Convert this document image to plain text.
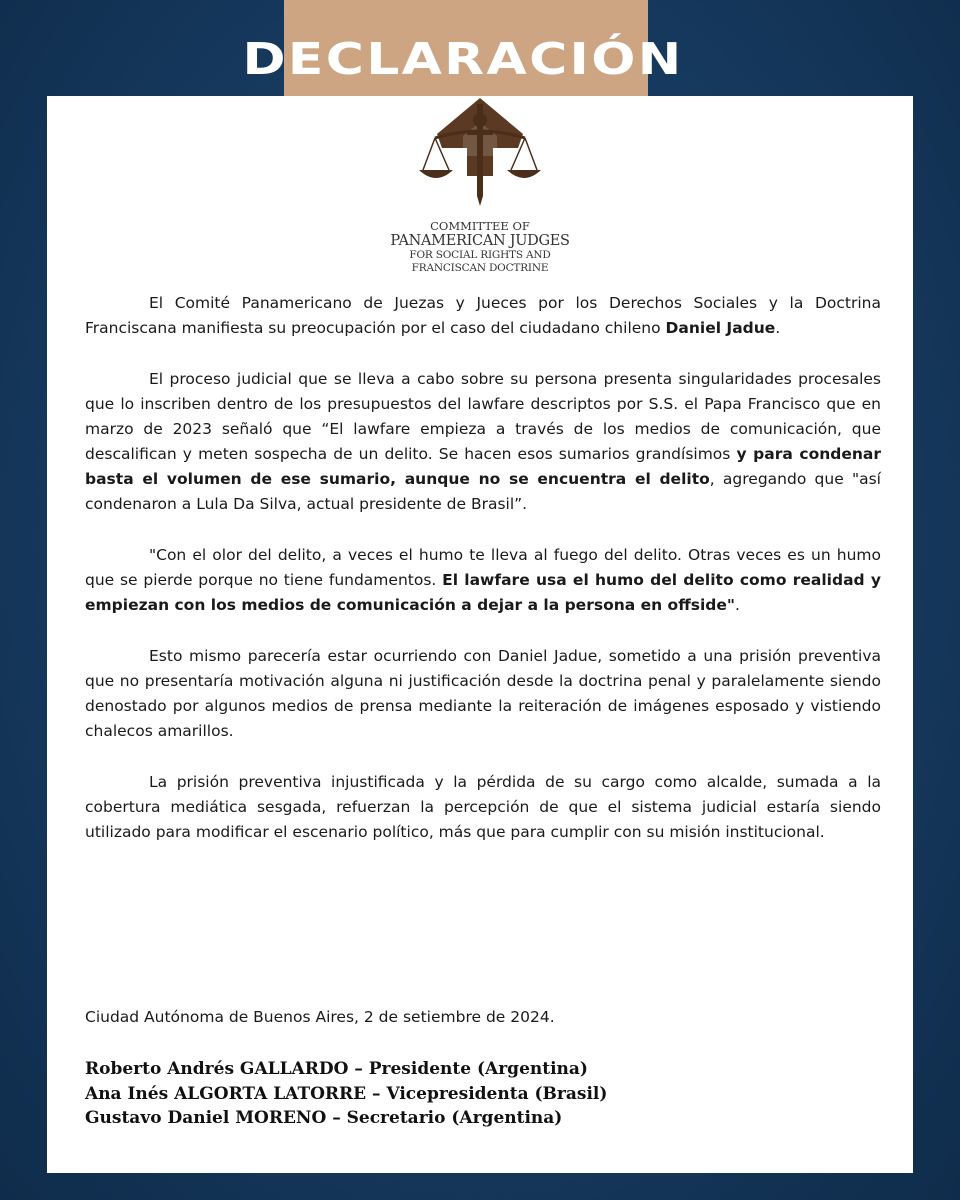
DECLARACIÓN
COMMITTEE OF
PANAMERICAN JUDGES
FOR SOCIAL RIGHTS AND
FRANCISCAN DOCTRINE

El Comité Panamericano de Juezas y Jueces por los Derechos Sociales y la Doctrina Franciscana manifiesta su preocupación por el caso del ciudadano chileno Daniel Jadue.

El proceso judicial que se lleva a cabo sobre su persona presenta singularidades procesales que lo inscriben dentro de los presupuestos del lawfare descriptos por S.S. el Papa Francisco que en marzo de 2023 señaló que “El lawfare empieza a través de los medios de comunicación, que descalifican y meten sospecha de un delito. Se hacen esos sumarios grandísimos y para condenar basta el volumen de ese sumario, aunque no se encuentra el delito, agregando que "así condenaron a Lula Da Silva, actual presidente de Brasil”.

"Con el olor del delito, a veces el humo te lleva al fuego del delito. Otras veces es un humo que se pierde porque no tiene fundamentos. El lawfare usa el humo del delito como realidad y empiezan con los medios de comunicación a dejar a la persona en offside".

Esto mismo parecería estar ocurriendo con Daniel Jadue, sometido a una prisión preventiva que no presentaría motivación alguna ni justificación desde la doctrina penal y paralelamente siendo denostado por algunos medios de prensa mediante la reiteración de imágenes esposado y vistiendo chalecos amarillos.

La prisión preventiva injustificada y la pérdida de su cargo como alcalde, sumada a la cobertura mediática sesgada, refuerzan la percepción de que el sistema judicial estaría siendo utilizado para modificar el escenario político, más que para cumplir con su misión institucional.

Ciudad Autónoma de Buenos Aires, 2 de setiembre de 2024.
Roberto Andrés GALLARDO – Presidente (Argentina)
Ana Inés ALGORTA LATORRE – Vicepresidenta (Brasil)
Gustavo Daniel MORENO – Secretario (Argentina)
